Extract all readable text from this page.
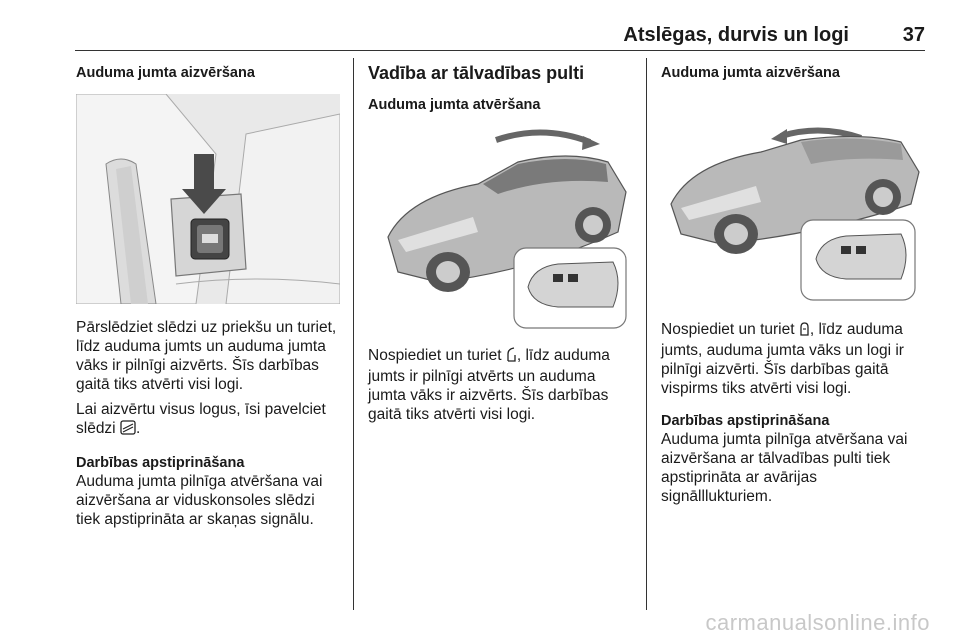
Atslēgas, durvis un logi	37

Auduma jumta aizvēršana

Pārslēdziet slēdzi uz priekšu un turiet, līdz auduma jumts un auduma jumta vāks ir pilnīgi aizvērts. Šīs darbības gaitā tiks atvērti visi logi.

Lai aizvērtu visus logus, īsi pavelciet slēdzi .

Darbības apstiprināšana

Auduma jumta pilnīga atvēršana vai aizvēršana ar viduskonsoles slēdzi tiek apstiprināta ar skaņas signālu.

Vadība ar tālvadības pulti

Auduma jumta atvēršana

Nospiediet un turiet , līdz auduma jumts ir pilnīgi atvērts un auduma jumta vāks ir aizvērts. Šīs darbības gaitā tiks atvērti visi logi.

Auduma jumta aizvēršana

Nospiediet un turiet , līdz auduma jumts, auduma jumta vāks un logi ir pilnīgi aizvērti. Šīs darbības gaitā vispirms tiks atvērti visi logi.

Darbības apstiprināšana

Auduma jumta pilnīga atvēršana vai aizvēršana ar tālvadības pulti tiek apstiprināta ar avārijas signālllukturiem.

carmanualsonline.info
